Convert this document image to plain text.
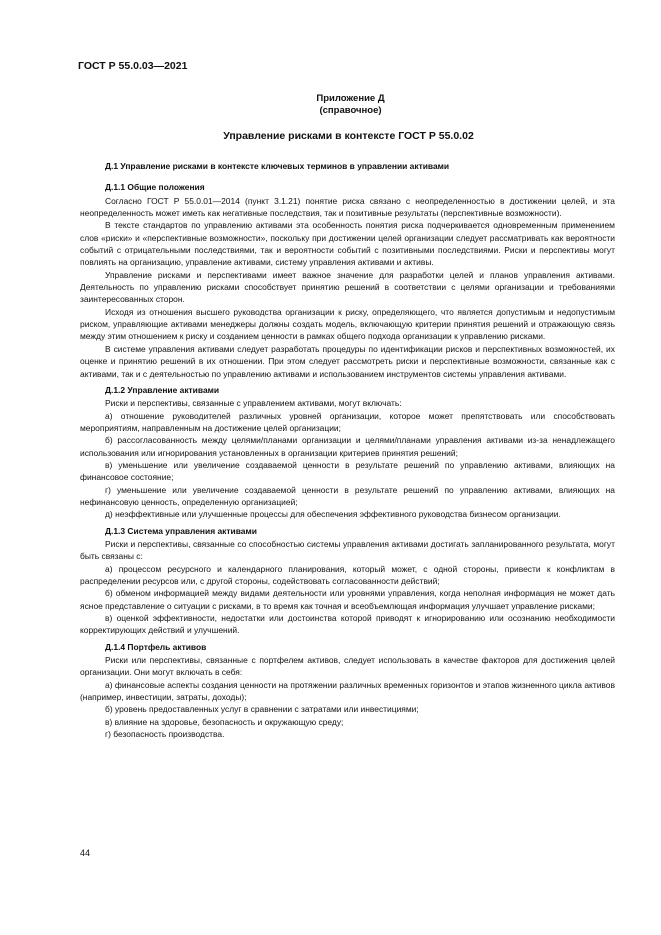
ГОСТ Р 55.0.03—2021
Приложение Д
(справочное)
Управление рисками в контексте ГОСТ Р 55.0.02

Д.1 Управление рисками в контексте ключевых терминов в управлении активами

Д.1.1 Общие положения

Согласно ГОСТ Р 55.0.01—2014 (пункт 3.1.21) понятие риска связано с неопределенностью в достижении целей, и эта неопределенность может иметь как негативные последствия, так и позитивные результаты (перспективные возможности).

В тексте стандартов по управлению активами эта особенность понятия риска подчеркивается одновременным применением слов «риски» и «перспективные возможности», поскольку при достижении целей организации следует рассматривать как вероятности событий с отрицательными последствиями, так и вероятности событий с позитивными последствиями. Риски и перспективы могут повлиять на организацию, управление активами, систему управления активами и активы.

Управление рисками и перспективами имеет важное значение для разработки целей и планов управления активами. Деятельность по управлению рисками способствует принятию решений в соответствии с целями организации и требованиями заинтересованных сторон.

Исходя из отношения высшего руководства организации к риску, определяющего, что является допустимым и недопустимым риском, управляющие активами менеджеры должны создать модель, включающую критерии принятия решений и отражающую связь между этим отношением к риску и созданием ценности в рамках общего подхода организации к управлению рисками.

В системе управления активами следует разработать процедуры по идентификации рисков и перспективных возможностей, их оценке и принятию решений в их отношении. При этом следует рассмотреть риски и перспективные возможности, связанные как с активами, так и с деятельностью по управлению активами и использованием инструментов системы управления активами.

Д.1.2 Управление активами

Риски и перспективы, связанные с управлением активами, могут включать:

а) отношение руководителей различных уровней организации, которое может препятствовать или способствовать мероприятиям, направленным на достижение целей организации;

б) рассогласованность между целями/планами организации и целями/планами управления активами из-за ненадлежащего использования или игнорирования установленных в организации критериев принятия решений;

в) уменьшение или увеличение создаваемой ценности в результате решений по управлению активами, влияющих на финансовое состояние;

г) уменьшение или увеличение создаваемой ценности в результате решений по управлению активами, влияющих на нефинансовую ценность, определенную организацией;

д) неэффективные или улучшенные процессы для обеспечения эффективного руководства бизнесом организации.

Д.1.3 Система управления активами

Риски и перспективы, связанные со способностью системы управления активами достигать запланированного результата, могут быть связаны с:

а) процессом ресурсного и календарного планирования, который может, с одной стороны, привести к конфликтам в распределении ресурсов или, с другой стороны, содействовать согласованности действий;

б) обменом информацией между видами деятельности или уровнями управления, когда неполная информация не может дать ясное представление о ситуации с рисками, в то время как точная и всеобъемлющая информация улучшает управление рисками;

в) оценкой эффективности, недостатки или достоинства которой приводят к игнорированию или осознанию необходимости корректирующих действий и улучшений.

Д.1.4 Портфель активов

Риски или перспективы, связанные с портфелем активов, следует использовать в качестве факторов для достижения целей организации. Они могут включать в себя:

а) финансовые аспекты создания ценности на протяжении различных временных горизонтов и этапов жизненного цикла активов (например, инвестиции, затраты, доходы);

б) уровень предоставленных услуг в сравнении с затратами или инвестициями;

в) влияние на здоровье, безопасность и окружающую среду;

г) безопасность производства.

44
